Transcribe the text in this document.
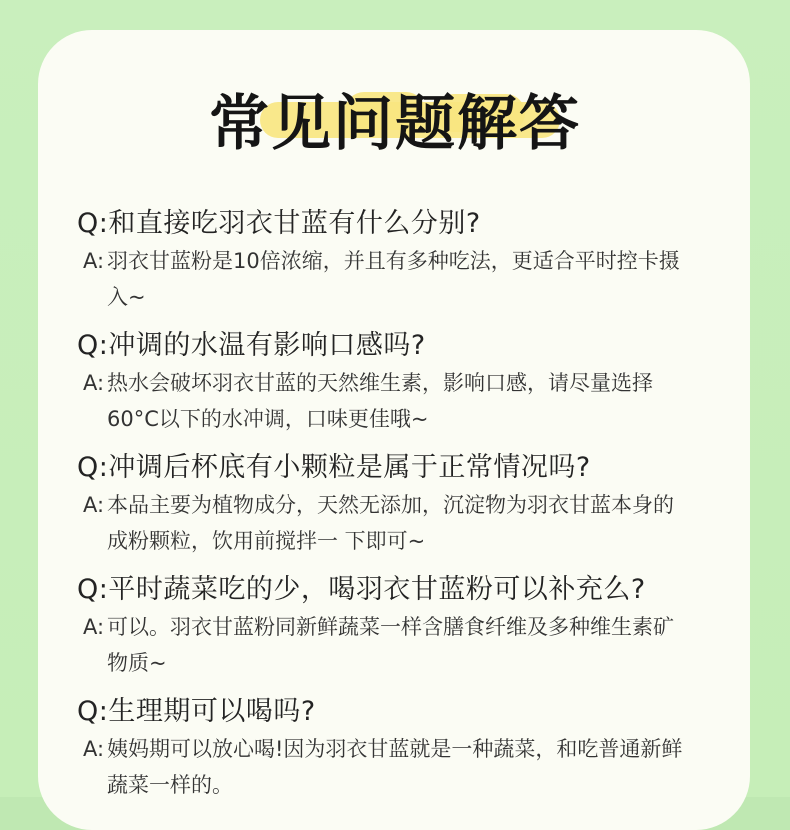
常见问题解答
Q:和直接吃羽衣甘蓝有什么分别?
A: 羽衣甘蓝粉是10倍浓缩，并且有多种吃法，更适合平时控卡摄入~
Q:冲调的水温有影响口感吗?
A: 热水会破坏羽衣甘蓝的天然维生素，影响口感，请尽量选择60°C以下的水冲调，口味更佳哦~
Q:冲调后杯底有小颗粒是属于正常情况吗?
A: 本品主要为植物成分，天然无添加，沉淀物为羽衣甘蓝本身的成粉颗粒，饮用前搅拌一 下即可~
Q:平时蔬菜吃的少，喝羽衣甘蓝粉可以补充么?
A: 可以。羽衣甘蓝粉同新鲜蔬菜一样含膳食纤维及多种维生素矿物质~
Q:生理期可以喝吗?
A: 姨妈期可以放心喝!因为羽衣甘蓝就是一种蔬菜，和吃普通新鲜蔬菜一样的。
